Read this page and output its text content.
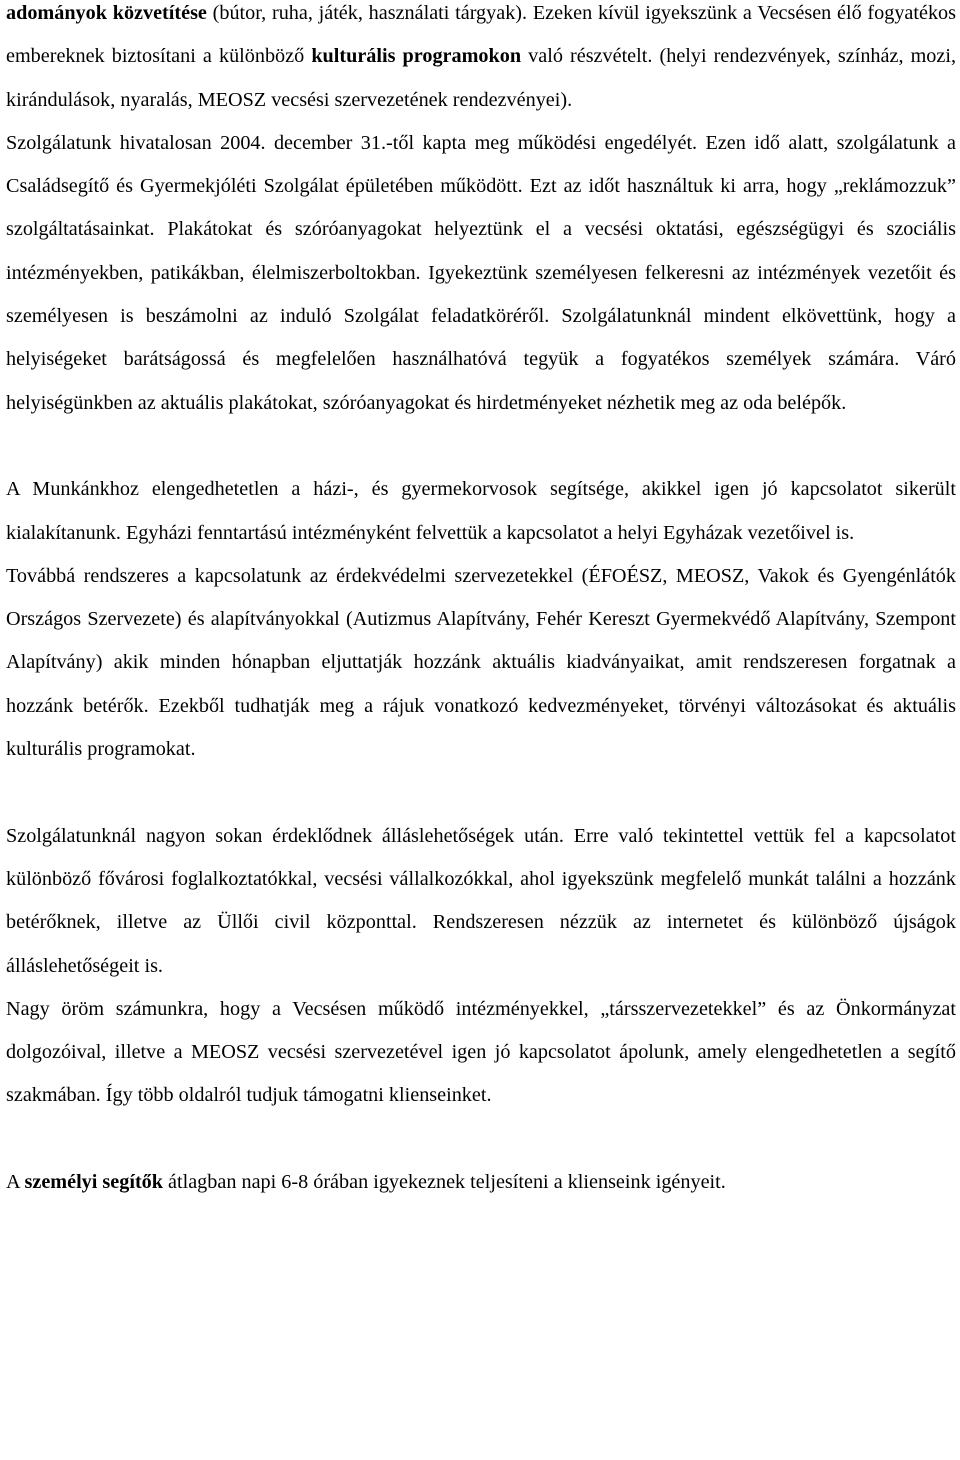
adományok közvetítése (bútor, ruha, játék, használati tárgyak). Ezeken kívül igyekszünk a Vecsésen élő fogyatékos embereknek biztosítani a különböző kulturális programokon való részvételt. (helyi rendezvények, színház, mozi, kirándulások, nyaralás, MEOSZ vecsési szervezetének rendezvényei).

Szolgálatunk hivatalosan 2004. december 31.-től kapta meg működési engedélyét. Ezen idő alatt, szolgálatunk a Családsegítő és Gyermekjóléti Szolgálat épületében működött. Ezt az időt használtuk ki arra, hogy „reklámozzuk” szolgáltatásainkat. Plakátokat és szóróanyagokat helyeztünk el a vecsési oktatási, egészségügyi és szociális intézményekben, patikákban, élelmiszerboltokban. Igyekeztünk személyesen felkeresni az intézmények vezetőit és személyesen is beszámolni az induló Szolgálat feladatköréről. Szolgálatunknál mindent elkövettünk, hogy a helyiségeket barátságossá és megfelelően használhatóvá tegyük a fogyatékos személyek számára. Váró helyiségünkben az aktuális plakátokat, szóróanyagokat és hirdetményeket nézhetik meg az oda belépők.

A Munkánkhoz elengedhetetlen a házi-, és gyermekorvosok segítsége, akikkel igen jó kapcsolatot sikerült kialakítanunk. Egyházi fenntartású intézményként felvettük a kapcsolatot a helyi Egyházak vezetőivel is.

Továbbá rendszeres a kapcsolatunk az érdekvédelmi szervezetekkel (ÉFOÉSZ, MEOSZ, Vakok és Gyengénlátók Országos Szervezete) és alapítványokkal (Autizmus Alapítvány, Fehér Kereszt Gyermekvédő Alapítvány, Szempont Alapítvány) akik minden hónapban eljuttatják hozzánk aktuális kiadványaikat, amit rendszeresen forgatnak a hozzánk betérők. Ezekből tudhatják meg a rájuk vonatkozó kedvezményeket, törvényi változásokat és aktuális kulturális programokat.

Szolgálatunknál nagyon sokan érdeklődnek álláslehetőségek után. Erre való tekintettel vettük fel a kapcsolatot különböző fővárosi foglalkoztatókkal, vecsési vállalkozókkal, ahol igyekszünk megfelelő munkát találni a hozzánk betérőknek, illetve az Üllői civil központtal. Rendszeresen nézzük az internetet és különböző újságok álláslehetőségeit is.

Nagy öröm számunkra, hogy a Vecsésen működő intézményekkel, „társszervezetekkel” és az Önkormányzat dolgozóival, illetve a MEOSZ vecsési szervezetével igen jó kapcsolatot ápolunk, amely elengedhetetlen a segítő szakmában. Így több oldalról tudjuk támogatni klienseinket.

A személyi segítők átlagban napi 6-8 órában igyekeznek teljesíteni a klienseink igényeit.
